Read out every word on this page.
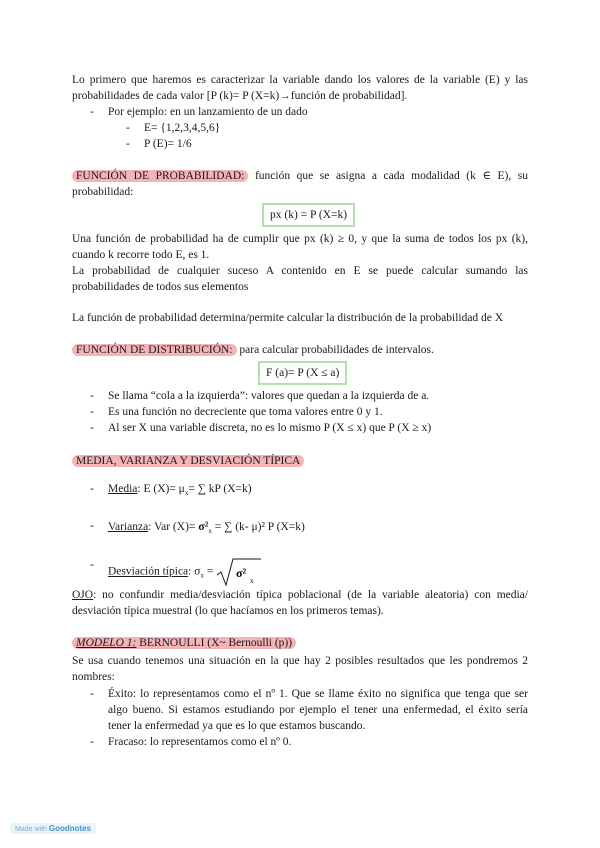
Lo primero que haremos es caracterizar la variable dando los valores de la variable (E) y las probabilidades de cada valor [P (k)= P (X=k)→función de probabilidad].
- Por ejemplo: en un lanzamiento de un dado
- E= {1,2,3,4,5,6}
- P (E)= 1/6
FUNCIÓN DE PROBABILIDAD: función que se asigna a cada modalidad (k ∈ E), su probabilidad:
px (k) = P (X=k)
Una función de probabilidad ha de cumplir que px (k) ≥ 0, y que la suma de todos los px (k), cuando k recorre todo E, es 1.
La probabilidad de cualquier suceso A contenido en E se puede calcular sumando las probabilidades de todos sus elementos
La función de probabilidad determina/permite calcular la distribución de la probabilidad de X
FUNCIÓN DE DISTRIBUCIÓN: para calcular probabilidades de intervalos.
F (a)= P (X ≤ a)
- Se llama “cola a la izquierda”: valores que quedan a la izquierda de a.
- Es una función no decreciente que toma valores entre 0 y 1.
- Al ser X una variable discreta, no es lo mismo P (X ≤ x) que P (X ≥ x)
MEDIA, VARIANZA Y DESVIACIÓN TÍPICA
- Media: E $(X)= \mu_x=$ ∑ kP (X=k)
- Varianza: Var $(X)= \sigma^2_x$ = ∑ (k- μ)² P (X=k)
- Desviación típica: $\sigma_x = \sigma^2$
x
OJO: no confundir media/desviación típica poblacional (de la variable aleatoria) con media/ desviación típica muestral (lo que hacíamos en los primeros temas).
MODELO 1: BERNOULLI (X~ Bernoulli (p))
Se usa cuando tenemos una situación en la que hay 2 posibles resultados que les pondremos 2 nombres:
- Éxito: lo representamos como el nº 1. Que se llame éxito no significa que tenga que ser algo bueno. Si estamos estudiando por ejemplo el tener una enfermedad, el éxito sería tener la enfermedad ya que es lo que estamos buscando.
- Fracaso: lo representamos como el nº 0.
Made with Goodnotes
